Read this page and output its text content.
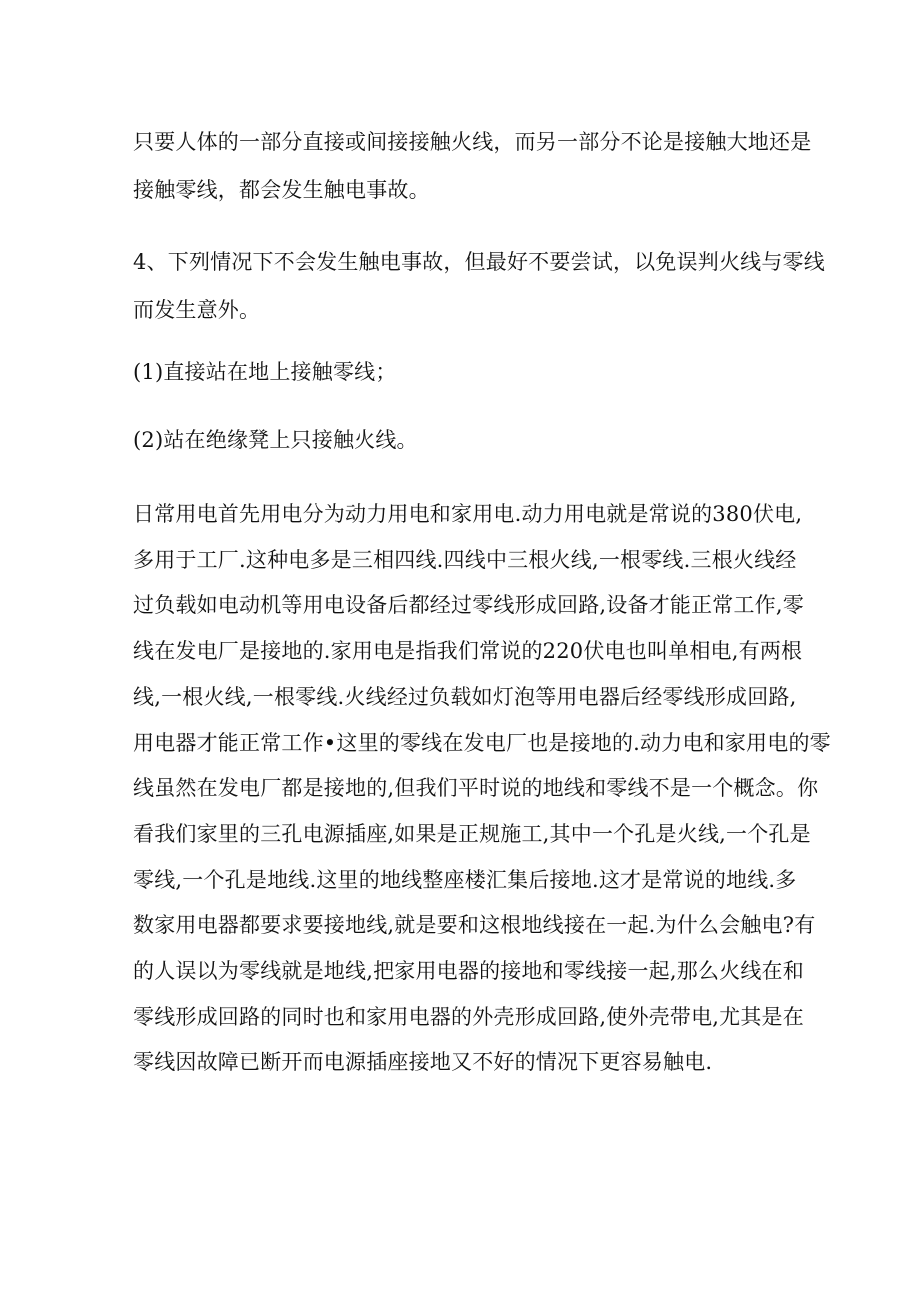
只要人体的一部分直接或间接接触火线，而另一部分不论是接触大地还是

接触零线，都会发生触电事故。

4、下列情况下不会发生触电事故，但最好不要尝试，以免误判火线与零线

而发生意外。

(1)直接站在地上接触零线；

(2)站在绝缘凳上只接触火线。

日常用电首先用电分为动力用电和家用电.动力用电就是常说的380伏电,

多用于工厂.这种电多是三相四线.四线中三根火线,一根零线.三根火线经

过负载如电动机等用电设备后都经过零线形成回路,设备才能正常工作,零

线在发电厂是接地的.家用电是指我们常说的220伏电也叫单相电,有两根

线,一根火线,一根零线.火线经过负载如灯泡等用电器后经零线形成回路,

用电器才能正常工作•这里的零线在发电厂也是接地的.动力电和家用电的零

线虽然在发电厂都是接地的,但我们平时说的地线和零线不是一个概念。你

看我们家里的三孔电源插座,如果是正规施工,其中一个孔是火线,一个孔是

零线,一个孔是地线.这里的地线整座楼汇集后接地.这才是常说的地线.多

数家用电器都要求要接地线,就是要和这根地线接在一起.为什么会触电?有

的人误以为零线就是地线,把家用电器的接地和零线接一起,那么火线在和

零线形成回路的同时也和家用电器的外壳形成回路,使外壳带电,尤其是在

零线因故障已断开而电源插座接地又不好的情况下更容易触电.
